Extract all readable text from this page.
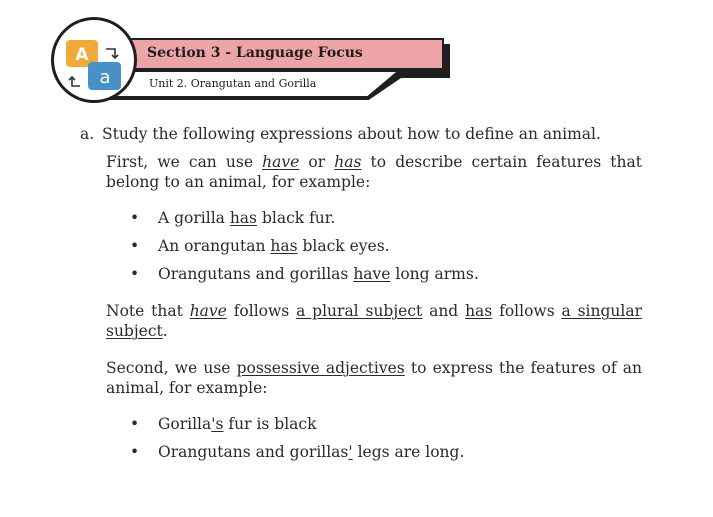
Section 3 - Language Focus
Unit 2. Orangutan and Gorilla
A
a
a. Study the following expressions about how to define an animal.
First, we can use have or has to describe certain features that belong to an animal, for example:
• A gorilla has black fur.
• An orangutan has black eyes.
• Orangutans and gorillas have long arms.
Note that have follows a plural subject and has follows a singular subject.
Second, we use possessive adjectives to express the features of an animal, for example:
• Gorilla's fur is black
• Orangutans and gorillas' legs are long.
